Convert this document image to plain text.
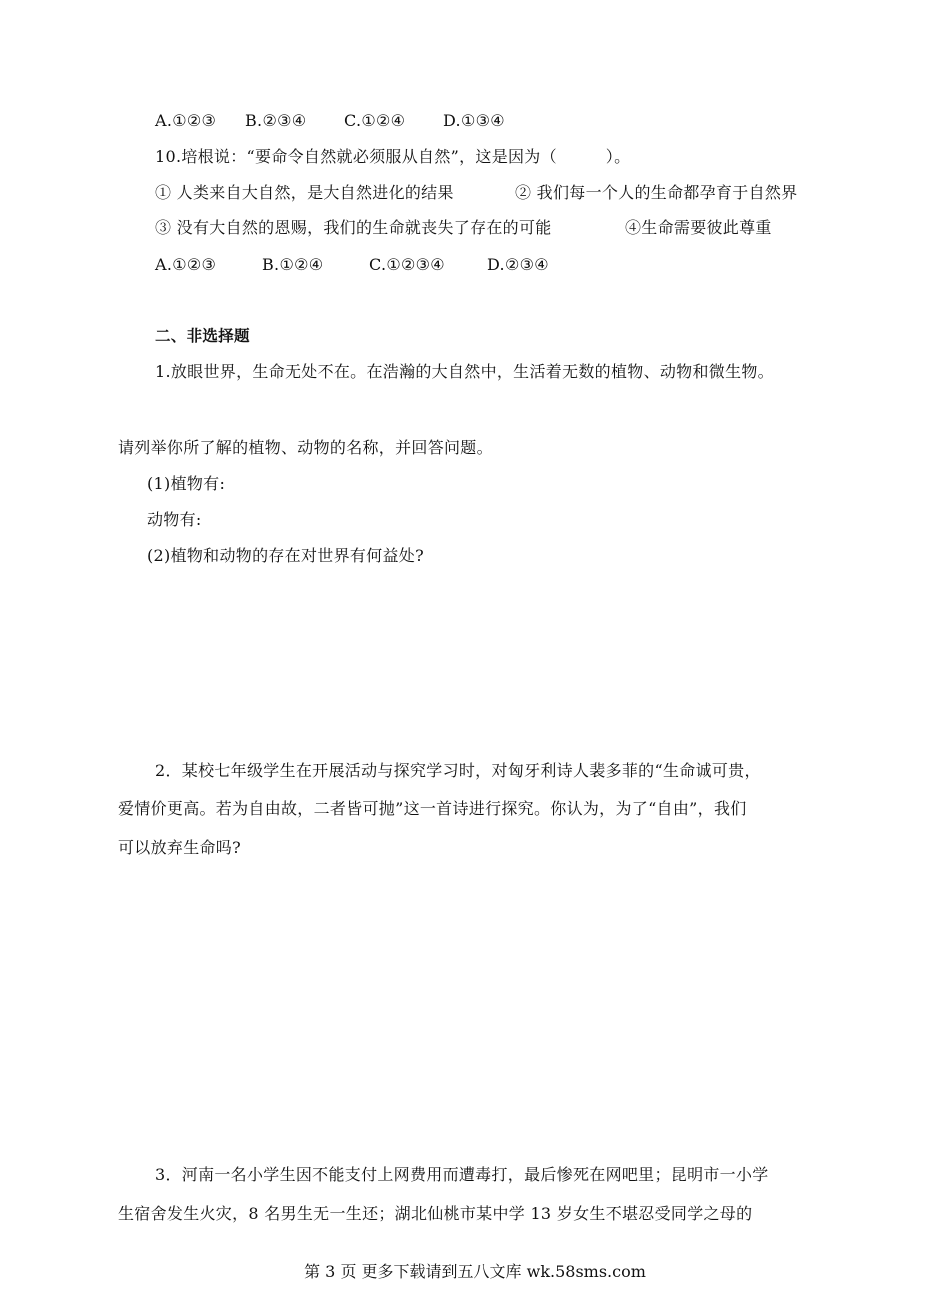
A.①②③ B.②③④ C.①②④ D.①③④
10.培根说：“要命令自然就必须服从自然”，这是因为（　　　）。
① 人类来自大自然，是大自然进化的结果	② 我们每一个人的生命都孕育于自然界
③ 没有大自然的恩赐，我们的生命就丧失了存在的可能	④生命需要彼此尊重
A.①②③	B.①②④	C.①②③④	D.②③④
二、非选择题
1.放眼世界，生命无处不在。在浩瀚的大自然中，生活着无数的植物、动物和微生物。
请列举你所了解的植物、动物的名称，并回答问题。
(1)植物有:
动物有:
(2)植物和动物的存在对世界有何益处?
2．某校七年级学生在开展活动与探究学习时，对匈牙利诗人裴多菲的“生命诚可贵，
爱情价更高。若为自由故，二者皆可抛”这一首诗进行探究。你认为，为了“自由”，我们
可以放弃生命吗?
3．河南一名小学生因不能支付上网费用而遭毒打，最后惨死在网吧里；昆明市一小学
生宿舍发生火灾，8 名男生无一生还；湖北仙桃市某中学 13 岁女生不堪忍受同学之母的
第 3 页 更多下载请到五八文库 wk.58sms.com
